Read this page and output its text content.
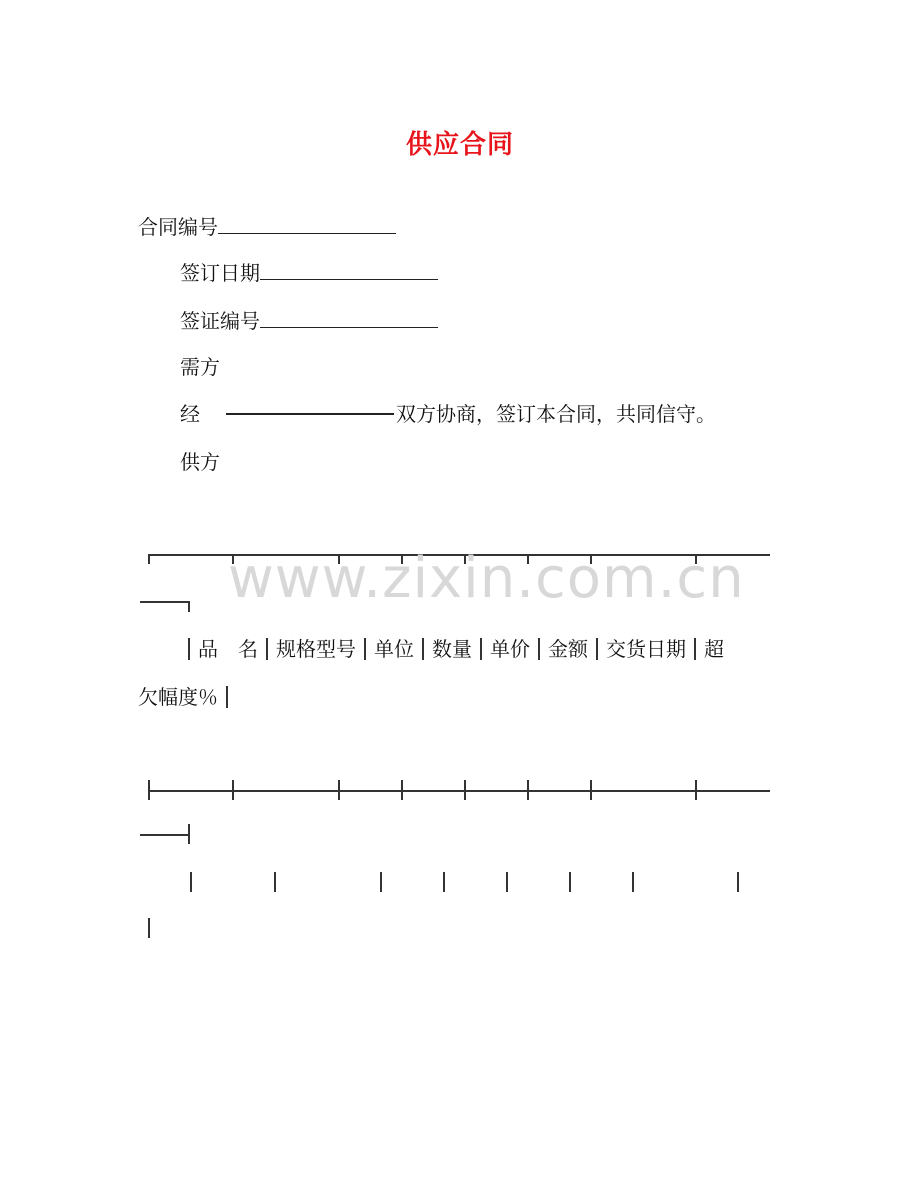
供应合同
合同编号
签订日期
签证编号
需方
经	双方协商，签订本合同，共同信守。
供方
www.zixin.com.cn
品　名 规格型号 单位 数量 单价 金额 交货日期 超
欠幅度％
